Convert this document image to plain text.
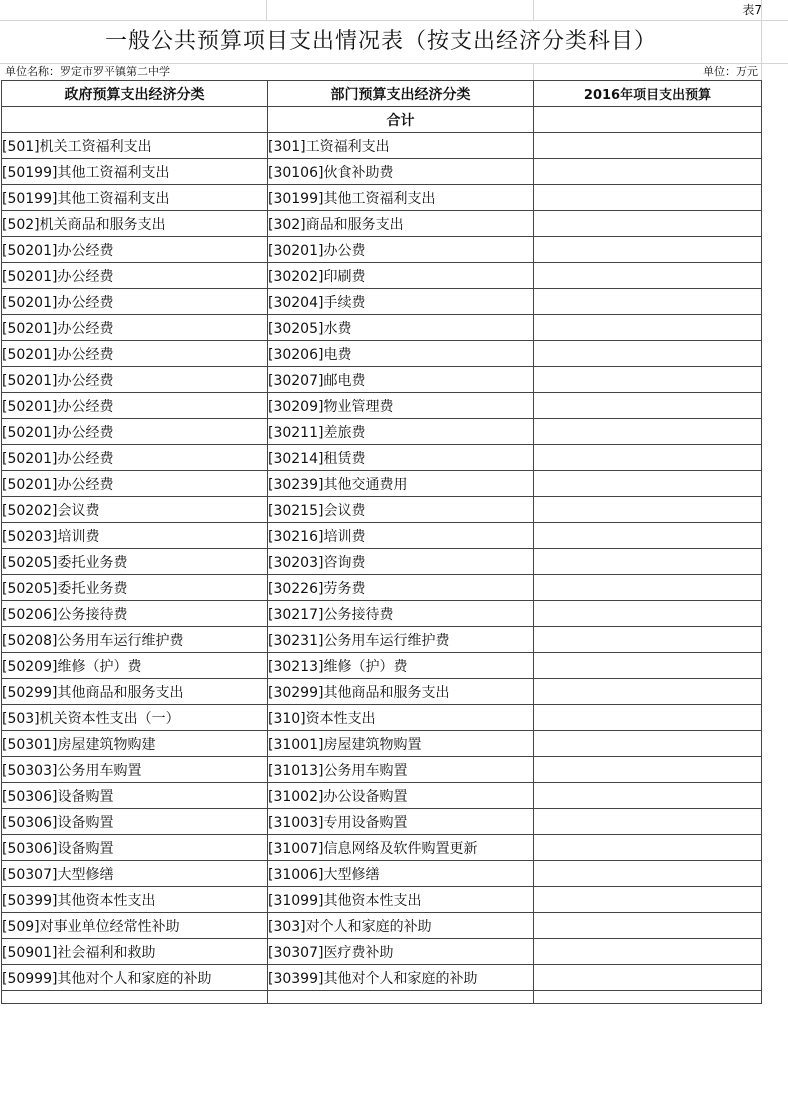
表7
一般公共预算项目支出情况表（按支出经济分类科目）
单位名称：罗定市罗平镇第二中学	单位：万元
政府预算支出经济分类	部门预算支出经济分类	2016年项目支出预算
	合计	
[501]机关工资福利支出	[301]工资福利支出	
[50199]其他工资福利支出	[30106]伙食补助费	
[50199]其他工资福利支出	[30199]其他工资福利支出	
[502]机关商品和服务支出	[302]商品和服务支出	
[50201]办公经费	[30201]办公费	
[50201]办公经费	[30202]印刷费	
[50201]办公经费	[30204]手续费	
[50201]办公经费	[30205]水费	
[50201]办公经费	[30206]电费	
[50201]办公经费	[30207]邮电费	
[50201]办公经费	[30209]物业管理费	
[50201]办公经费	[30211]差旅费	
[50201]办公经费	[30214]租赁费	
[50201]办公经费	[30239]其他交通费用	
[50202]会议费	[30215]会议费	
[50203]培训费	[30216]培训费	
[50205]委托业务费	[30203]咨询费	
[50205]委托业务费	[30226]劳务费	
[50206]公务接待费	[30217]公务接待费	
[50208]公务用车运行维护费	[30231]公务用车运行维护费	
[50209]维修（护）费	[30213]维修（护）费	
[50299]其他商品和服务支出	[30299]其他商品和服务支出	
[503]机关资本性支出（一）	[310]资本性支出	
[50301]房屋建筑物购建	[31001]房屋建筑物购置	
[50303]公务用车购置	[31013]公务用车购置	
[50306]设备购置	[31002]办公设备购置	
[50306]设备购置	[31003]专用设备购置	
[50306]设备购置	[31007]信息网络及软件购置更新	
[50307]大型修缮	[31006]大型修缮	
[50399]其他资本性支出	[31099]其他资本性支出	
[509]对事业单位经常性补助	[303]对个人和家庭的补助	
[50901]社会福利和救助	[30307]医疗费补助	
[50999]其他对个人和家庭的补助	[30399]其他对个人和家庭的补助	
